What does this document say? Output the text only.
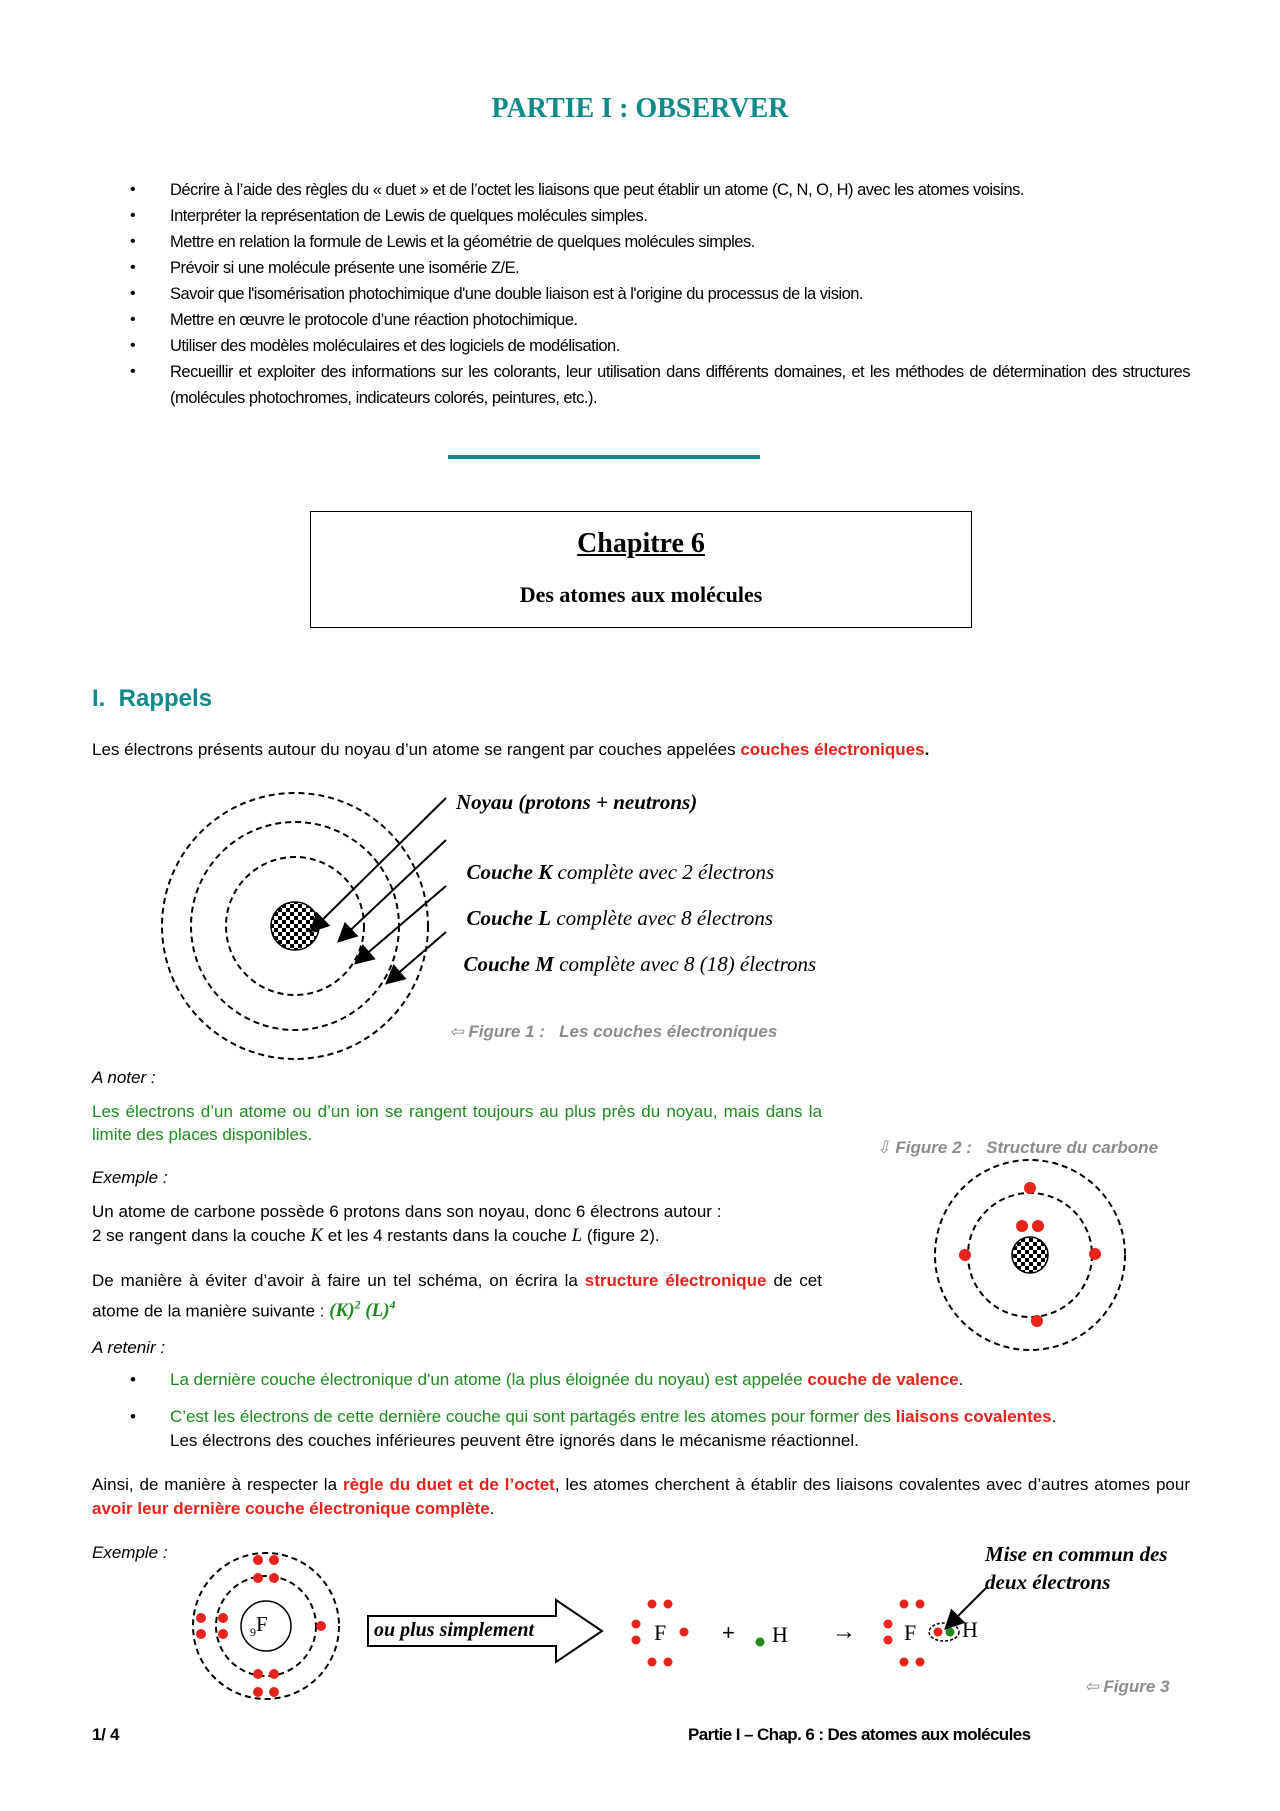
PARTIE I : OBSERVER
• Décrire à l’aide des règles du « duet » et de l’octet les liaisons que peut établir un atome (C, N, O, H) avec les atomes voisins.
• Interpréter la représentation de Lewis de quelques molécules simples.
• Mettre en relation la formule de Lewis et la géométrie de quelques molécules simples.
• Prévoir si une molécule présente une isomérie Z/E.
• Savoir que l'isomérisation photochimique d'une double liaison est à l'origine du processus de la vision.
• Mettre en œuvre le protocole d’une réaction photochimique.
• Utiliser des modèles moléculaires et des logiciels de modélisation.
• Recueillir et exploiter des informations sur les colorants, leur utilisation dans différents domaines, et les méthodes de détermination des structures (molécules photochromes, indicateurs colorés, peintures, etc.).
Chapitre 6
Des atomes aux molécules
I.  Rappels

Les électrons présents autour du noyau d’un atome se rangent par couches appelées couches électroniques.

Noyau (protons + neutrons)

Couche K complète avec 2 électrons

Couche L complète avec 8 électrons

Couche M complète avec 8 (18) électrons

⇦ Figure 1 :   Les couches électroniques

A noter :

Les électrons d’un atome ou d’un ion se rangent toujours au plus près du noyau, mais dans la limite des places disponibles.

⇩ Figure 2 :   Structure du carbone

Exemple :

Un atome de carbone possède 6 protons dans son noyau, donc 6 électrons autour :
2 se rangent dans la couche K et les 4 restants dans la couche L (figure 2).

De manière à éviter d’avoir à faire un tel schéma, on écrira la structure électronique de cet atome de la manière suivante : $(K)^2$ $(L)^4$

A retenir :
• La dernière couche électronique d'un atome (la plus éloignée du noyau) est appelée couche de valence.
• C’est les électrons de cette dernière couche qui sont partagés entre les atomes pour former des liaisons covalentes.
Les électrons des couches inférieures peuvent être ignorés dans le mécanisme réactionnel.

Ainsi, de manière à respecter la règle du duet et de l’octet, les atomes cherchent à établir des liaisons covalentes avec d’autres atomes pour avoir leur dernière couche électronique complète.

Exemple :	Mise en commun des deux électrons
$_9$F	ou plus simplement	F	+ H → F H

⇦ Figure 3

1/ 4	Partie I – Chap. 6 : Des atomes aux molécules
